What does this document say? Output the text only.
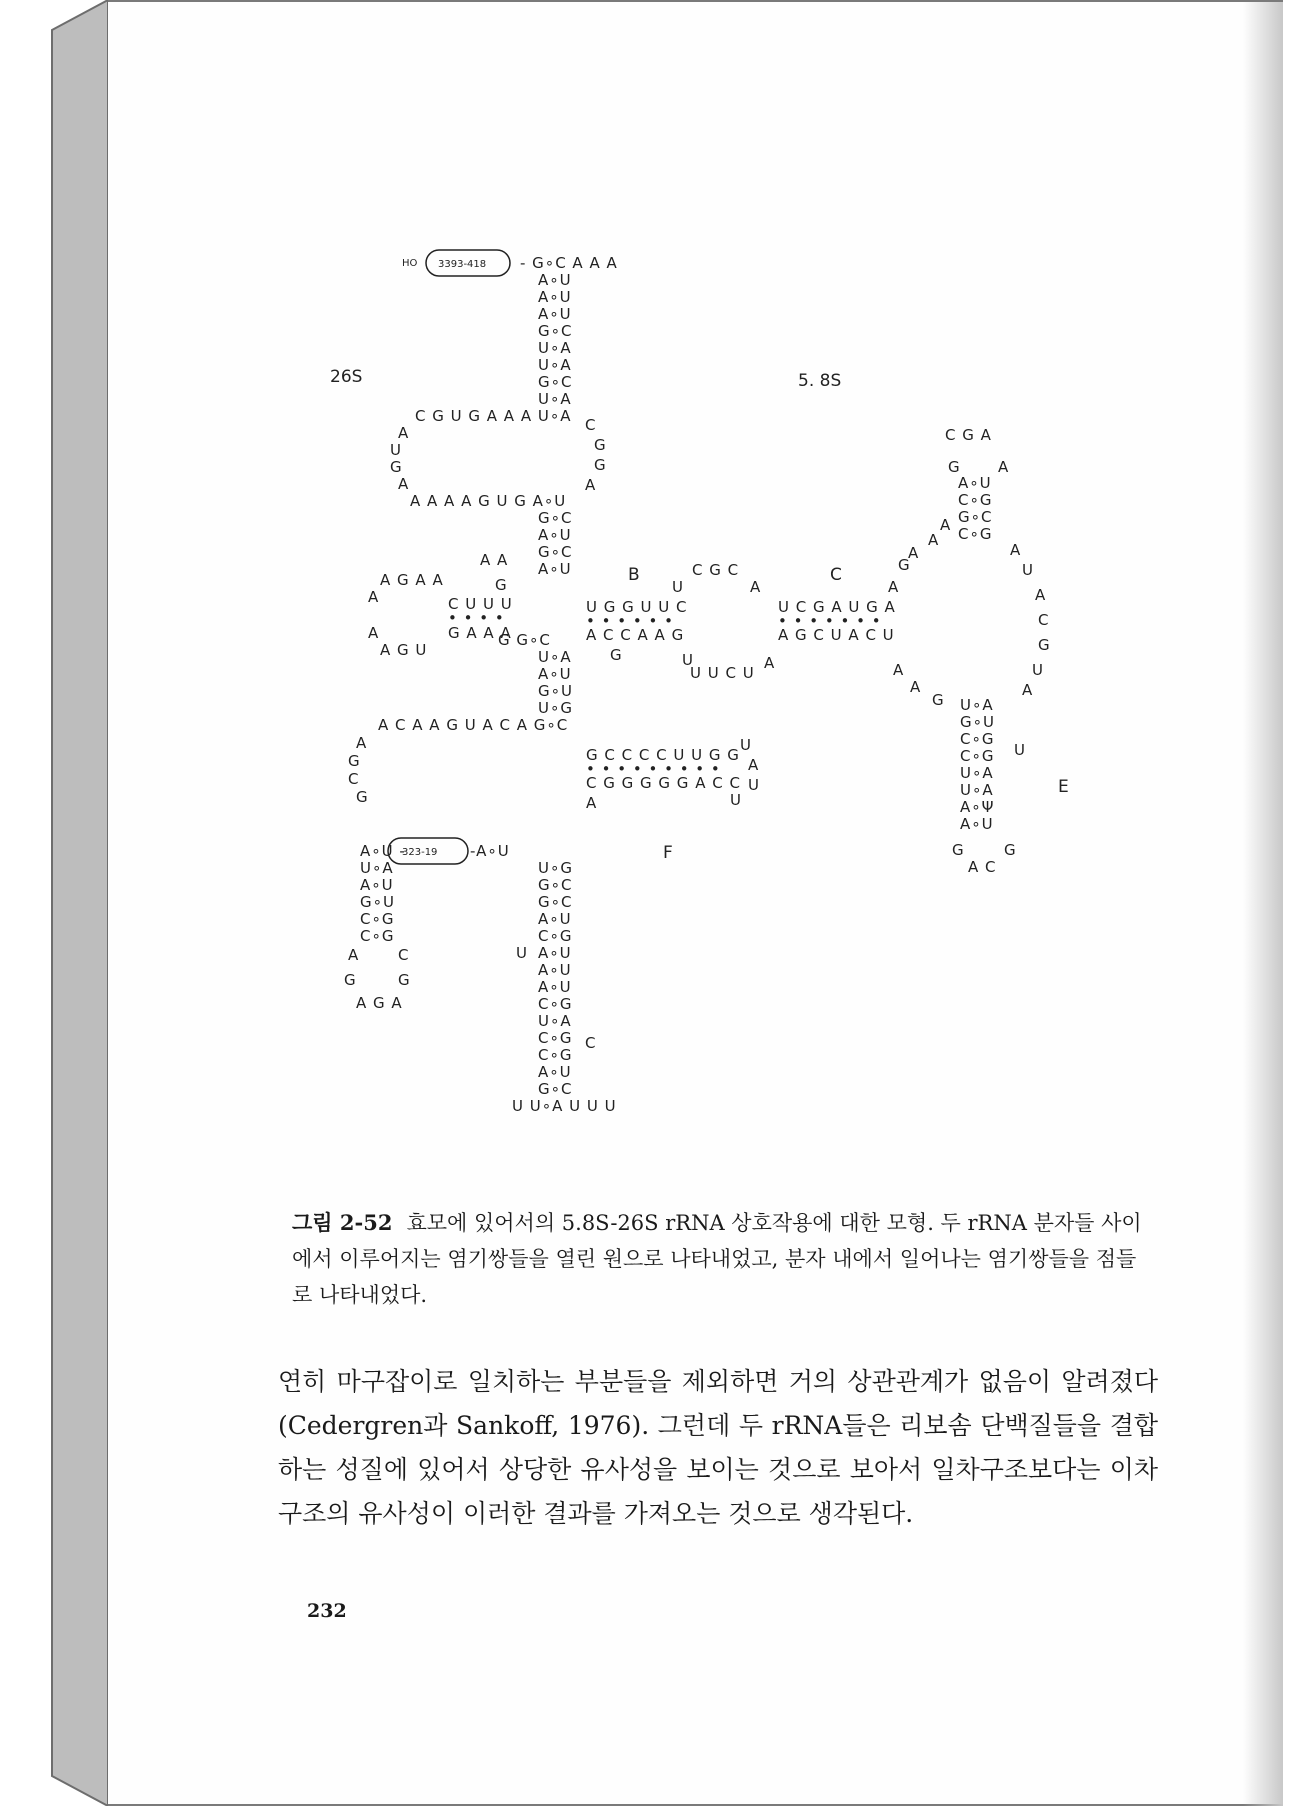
26S	5. 8S
B	C
E
F
HO 3393-418 - G∘C A A A
A∘U
A∘U
A∘U
G∘C
U∘A
U∘A
G∘C
U∘A
C G U G A A A U∘A
A
U
G
A
A A A A G U G A∘U
C
G
G
A
G∘C
A∘U
G∘C
A∘U
A A
A G A A
A
G
C U U U
• • • •
G A A A
A
A G U
G G∘C
U G G U U C
• • • • • •
A C C A A G
G	U
U
C G C
A
U U C U
A
U C G A U G A
• • • • • • •
A G C U A C U
A
G
A
A
C G A
G
A∘U
C∘G
G∘C
C∘G
A
A
U
A
C
G
U
A
A
A
A
G U∘A
G∘U
C∘G
C∘G
U∘A
U∘A
A∘Ψ
A∘U
U
G	G
A C
U∘A
A∘U
G∘U
U∘G
A C A A G U A C A G∘C
A
G
C
G
G C C C C U U G G
• • • • • • • • •
C G G G G G A C C
U
A
U
U
A
323-19
A∘U -	-A∘U
U∘A
A∘U
G∘U
C∘G
C∘G
A	C
G	G
A G A
U∘G
G∘C
G∘C
A∘U
C∘G
U A∘U
A∘U
A∘U
C∘G
U∘A
C∘G C
C∘G
A∘U
G∘C
U U∘A U U U
그림 2-52 효모에 있어서의 5.8S-26S rRNA 상호작용에 대한 모형. 두 rRNA 분자들 사이에서 이루어지는 염기쌍들을 열린 원으로 나타내었고, 분자 내에서 일어나는 염기쌍들을 점들로 나타내었다.
연히 마구잡이로 일치하는 부분들을 제외하면 거의 상관관계가 없음이 알려졌다(Cedergren과 Sankoff, 1976). 그런데 두 rRNA들은 리보솜 단백질들을 결합하는 성질에 있어서 상당한 유사성을 보이는 것으로 보아서 일차구조보다는 이차구조의 유사성이 이러한 결과를 가져오는 것으로 생각된다.
232
